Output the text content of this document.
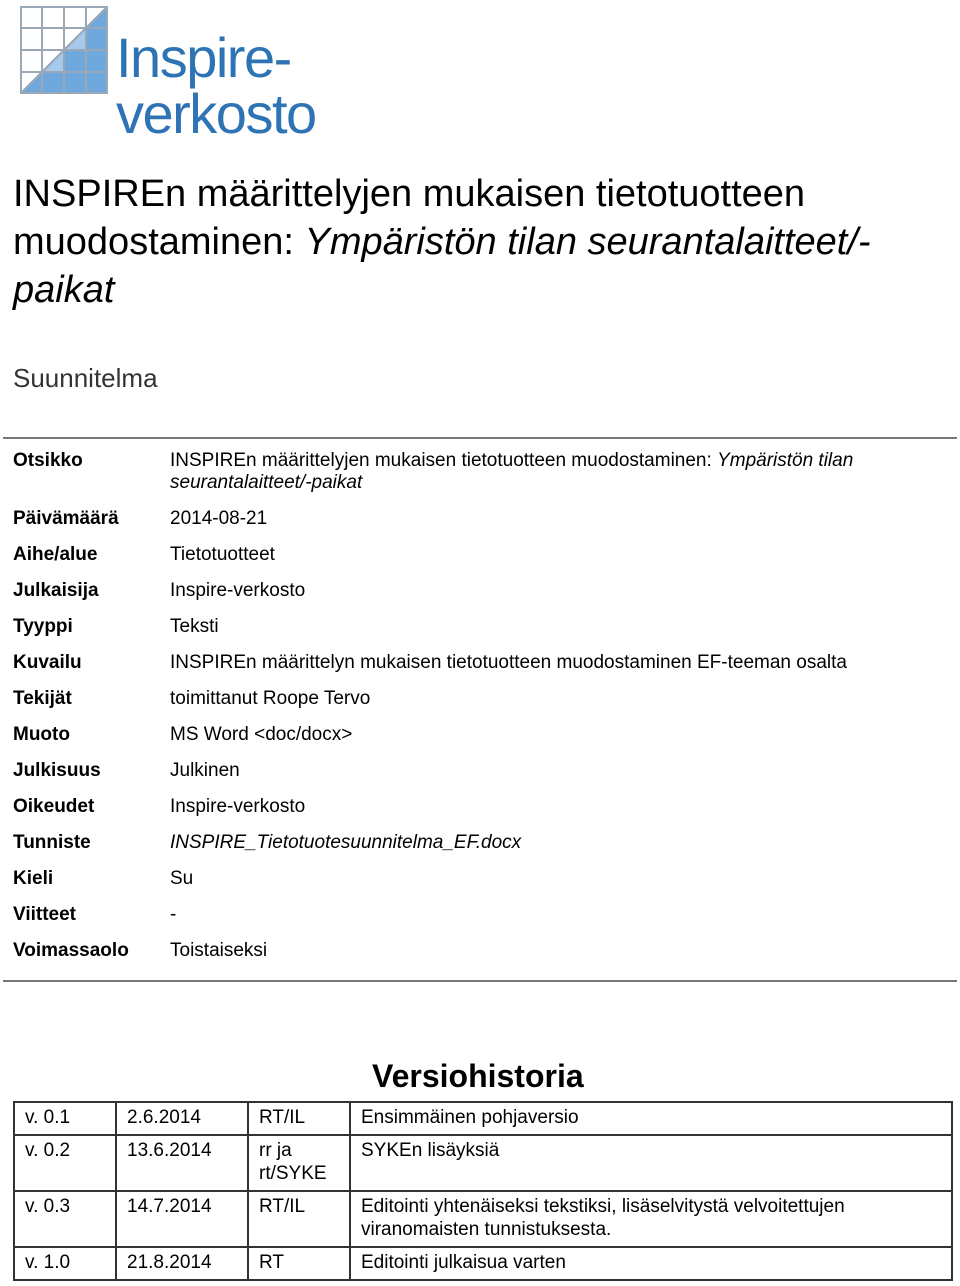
Inspire-verkosto
INSPIREn määrittelyjen mukaisen tietotuotteen muodostaminen: Ympäristön tilan seurantalaitteet/-paikat
Suunnitelma
Otsikko	INSPIREn määrittelyjen mukaisen tietotuotteen muodostaminen: Ympäristön tilan seurantalaitteet/-paikat
Päivämäärä	2014-08-21
Aihe/alue	Tietotuotteet
Julkaisija	Inspire-verkosto
Tyyppi	Teksti
Kuvailu	INSPIREn määrittelyn mukaisen tietotuotteen muodostaminen EF-teeman osalta
Tekijät	toimittanut Roope Tervo
Muoto	MS Word <doc/docx>
Julkisuus	Julkinen
Oikeudet	Inspire-verkosto
Tunniste	INSPIRE_Tietotuotesuunnitelma_EF.docx
Kieli	Su
Viitteet	-
Voimassaolo	Toistaiseksi
Versiohistoria
v. 0.1	2.6.2014	RT/IL	Ensimmäinen pohjaversio
v. 0.2	13.6.2014	rr ja rt/SYKE	SYKEn lisäyksiä
v. 0.3	14.7.2014	RT/IL	Editointi yhtenäiseksi tekstiksi, lisäselvitystä velvoitettujen viranomaisten tunnistuksesta.
v. 1.0	21.8.2014	RT	Editointi julkaisua varten
